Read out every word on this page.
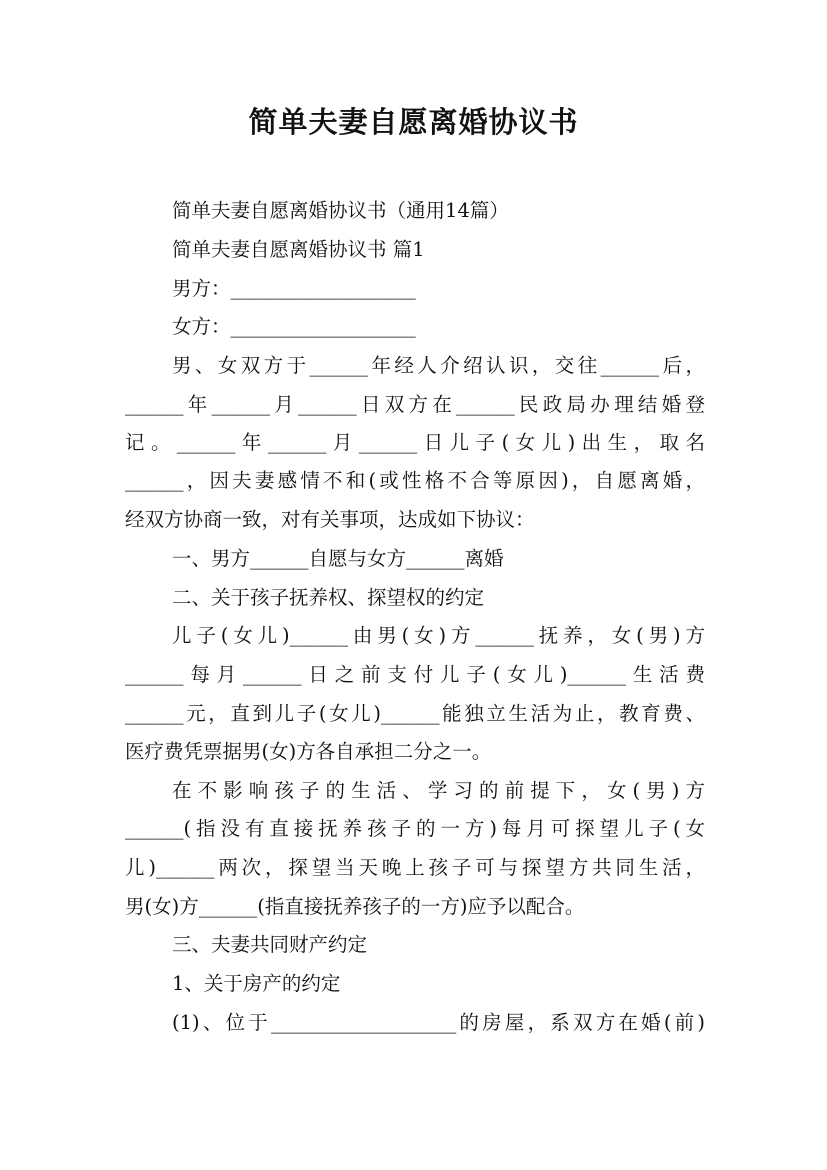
简单夫妻自愿离婚协议书
简单夫妻自愿离婚协议书（通用14篇）
简单夫妻自愿离婚协议书 篇1
男方：___________________
女方：___________________
男、女双方于______年经人介绍认识，交往______后，
______年______月______日双方在______民政局办理结婚登
记。______年______月______日儿子(女儿)出生，取名
______，因夫妻感情不和(或性格不合等原因)，自愿离婚，
经双方协商一致，对有关事项，达成如下协议：
一、男方______自愿与女方______离婚
二、关于孩子抚养权、探望权的约定
儿子(女儿)______由男(女)方______抚养，女(男)方
______每月______日之前支付儿子(女儿)______生活费
______元，直到儿子(女儿)______能独立生活为止，教育费、
医疗费凭票据男(女)方各自承担二分之一。
在不影响孩子的生活、学习的前提下，女(男)方
______(指没有直接抚养孩子的一方)每月可探望儿子(女
儿)______两次，探望当天晚上孩子可与探望方共同生活，
男(女)方______(指直接抚养孩子的一方)应予以配合。
三、夫妻共同财产约定
1、关于房产的约定
(1)、位于___________________的房屋，系双方在婚(前)
